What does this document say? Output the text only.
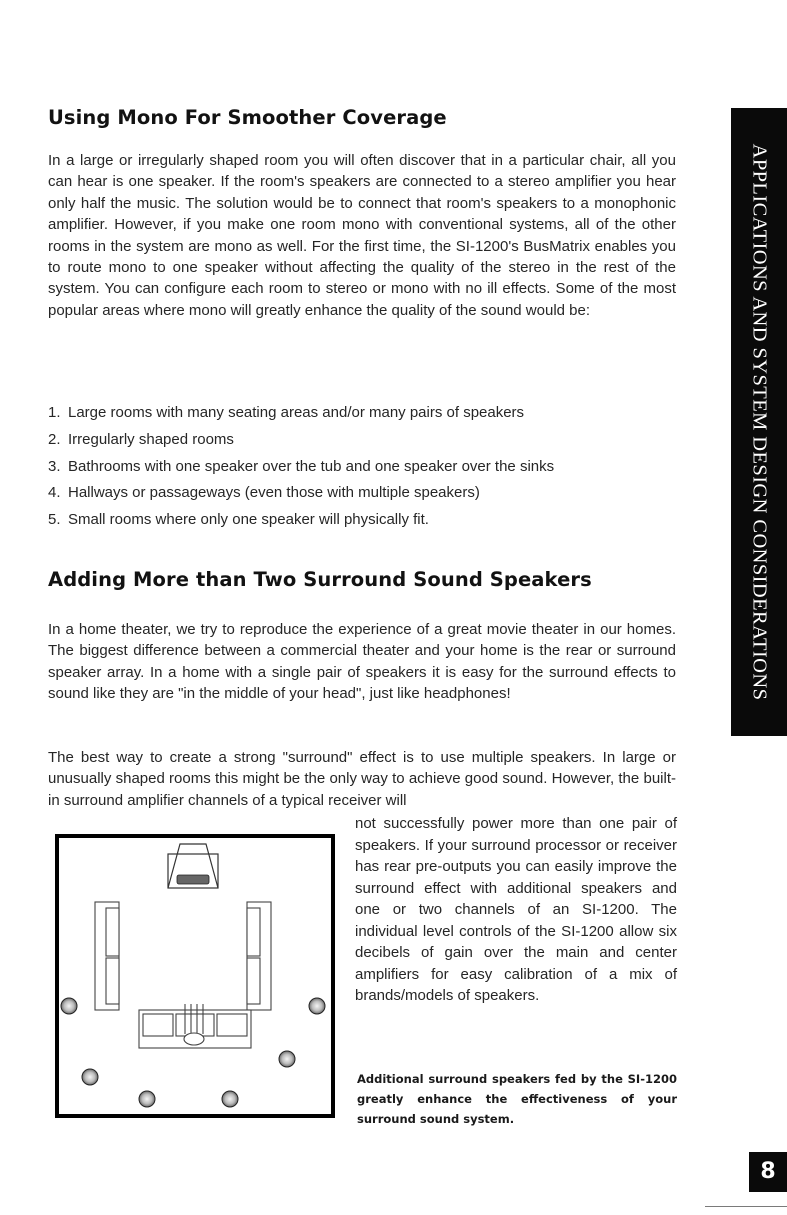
Using Mono For Smoother Coverage

In a large or irregularly shaped room you will often discover that in a particular chair, all you can hear is one speaker. If the room's speakers are connected to a stereo amplifier you hear only half the music. The solution would be to connect that room's speakers to a monophonic amplifier. However, if you make one room mono with conventional systems, all of the other rooms in the system are mono as well. For the first time, the SI-1200's BusMatrix enables you to route mono to one speaker without affecting the quality of the stereo in the rest of the system. You can configure each room to stereo or mono with no ill effects. Some of the most popular areas where mono will greatly enhance the quality of the sound would be:

1. Large rooms with many seating areas and/or many pairs of speakers
2. Irregularly shaped rooms
3. Bathrooms with one speaker over the tub and one speaker over the sinks
4. Hallways or passageways (even those with multiple speakers)
5. Small rooms where only one speaker will physically fit.
Adding More than Two Surround Sound Speakers

In a home theater, we try to reproduce the experience of a great movie theater in our homes. The biggest difference between a commercial theater and your home is the rear or surround speaker array. In a home with a single pair of speakers it is easy for the surround effects to sound like they are "in the middle of your head", just like headphones!

The best way to create a strong "surround" effect is to use multiple speakers. In large or unusually shaped rooms this might be the only way to achieve good sound. However, the built-in surround amplifier channels of a typical receiver will

not successfully power more than one pair of speakers. If your surround processor or receiver has rear pre-outputs you can easily improve the surround effect with additional speakers and one or two channels of an SI-1200. The individual level controls of the SI-1200 allow six decibels of gain over the main and center amplifiers for easy calibration of a mix of brands/models of speakers.

Additional surround speakers fed by the SI-1200 greatly enhance the effectiveness of your surround sound system.

APPLICATIONS AND SYSTEM DESIGN CONSIDERATIONS
8
